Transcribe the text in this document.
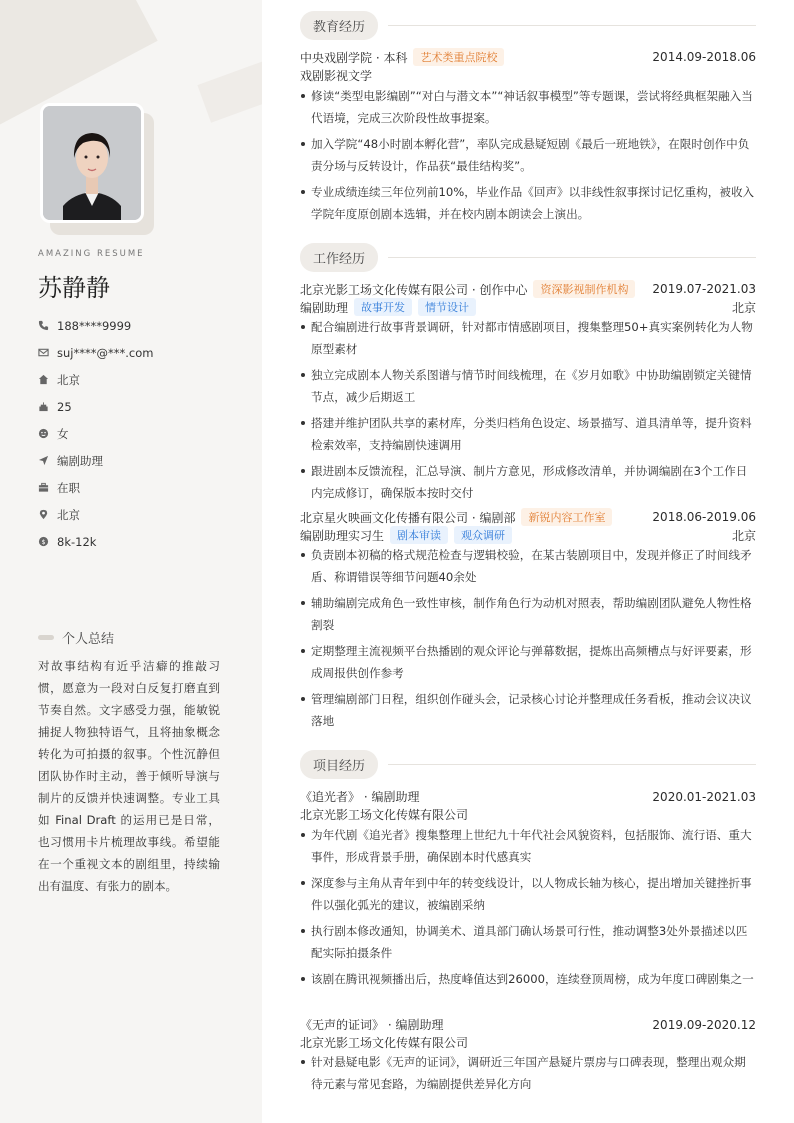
AMAZING RESUME
苏静静
188****9999
suj****@***.com
北京
25
女
编剧助理
在职
北京
$ 8k-12k
个人总结
对故事结构有近乎洁癖的推敲习惯，愿意为一段对白反复打磨直到节奏自然。文字感受力强，能敏锐捕捉人物独特语气，且将抽象概念转化为可拍摄的叙事。个性沉静但团队协作时主动，善于倾听导演与制片的反馈并快速调整。专业工具如 Final Draft 的运用已是日常，也习惯用卡片梳理故事线。希望能在一个重视文本的剧组里，持续输出有温度、有张力的剧本。
教育经历
中央戏剧学院 · 本科	艺术类重点院校	2014.09-2018.06
戏剧影视文学
修读“类型电影编剧”“对白与潜文本”“神话叙事模型”等专题课，尝试将经典框架融入当代语境，完成三次阶段性故事提案。
加入学院“48小时剧本孵化营”，率队完成悬疑短剧《最后一班地铁》，在限时创作中负责分场与反转设计，作品获“最佳结构奖”。
专业成绩连续三年位列前10%，毕业作品《回声》以非线性叙事探讨记忆重构，被收入学院年度原创剧本选辑，并在校内剧本朗读会上演出。
工作经历
北京光影工场文化传媒有限公司 · 创作中心	资深影视制作机构	2019.07-2021.03
编剧助理	故事开发	情节设计	北京
配合编剧进行故事背景调研，针对都市情感剧项目，搜集整理50+真实案例转化为人物原型素材
独立完成剧本人物关系图谱与情节时间线梳理，在《岁月如歌》中协助编剧锁定关键情节点，减少后期返工
搭建并维护团队共享的素材库，分类归档角色设定、场景描写、道具清单等，提升资料检索效率，支持编剧快速调用
跟进剧本反馈流程，汇总导演、制片方意见，形成修改清单，并协调编剧在3个工作日内完成修订，确保版本按时交付
北京星火映画文化传播有限公司 · 编剧部	新锐内容工作室	2018.06-2019.06
编剧助理实习生	剧本审读	观众调研	北京
负责剧本初稿的格式规范检查与逻辑校验，在某古装剧项目中，发现并修正了时间线矛盾、称谓错误等细节问题40余处
辅助编剧完成角色一致性审核，制作角色行为动机对照表，帮助编剧团队避免人物性格割裂
定期整理主流视频平台热播剧的观众评论与弹幕数据，提炼出高频槽点与好评要素，形成周报供创作参考
管理编剧部门日程，组织创作碰头会，记录核心讨论并整理成任务看板，推动会议决议落地
项目经历
《追光者》 · 编剧助理	2020.01-2021.03
北京光影工场文化传媒有限公司
为年代剧《追光者》搜集整理上世纪九十年代社会风貌资料，包括服饰、流行语、重大事件，形成背景手册，确保剧本时代感真实
深度参与主角从青年到中年的转变线设计，以人物成长轴为核心，提出增加关键挫折事件以强化弧光的建议，被编剧采纳
执行剧本修改通知，协调美术、道具部门确认场景可行性，推动调整3处外景描述以匹配实际拍摄条件
该剧在腾讯视频播出后，热度峰值达到26000，连续登顶周榜，成为年度口碑剧集之一
《无声的证词》 · 编剧助理	2019.09-2020.12
北京光影工场文化传媒有限公司
针对悬疑电影《无声的证词》，调研近三年国产悬疑片票房与口碑表现，整理出观众期待元素与常见套路，为编剧提供差异化方向
